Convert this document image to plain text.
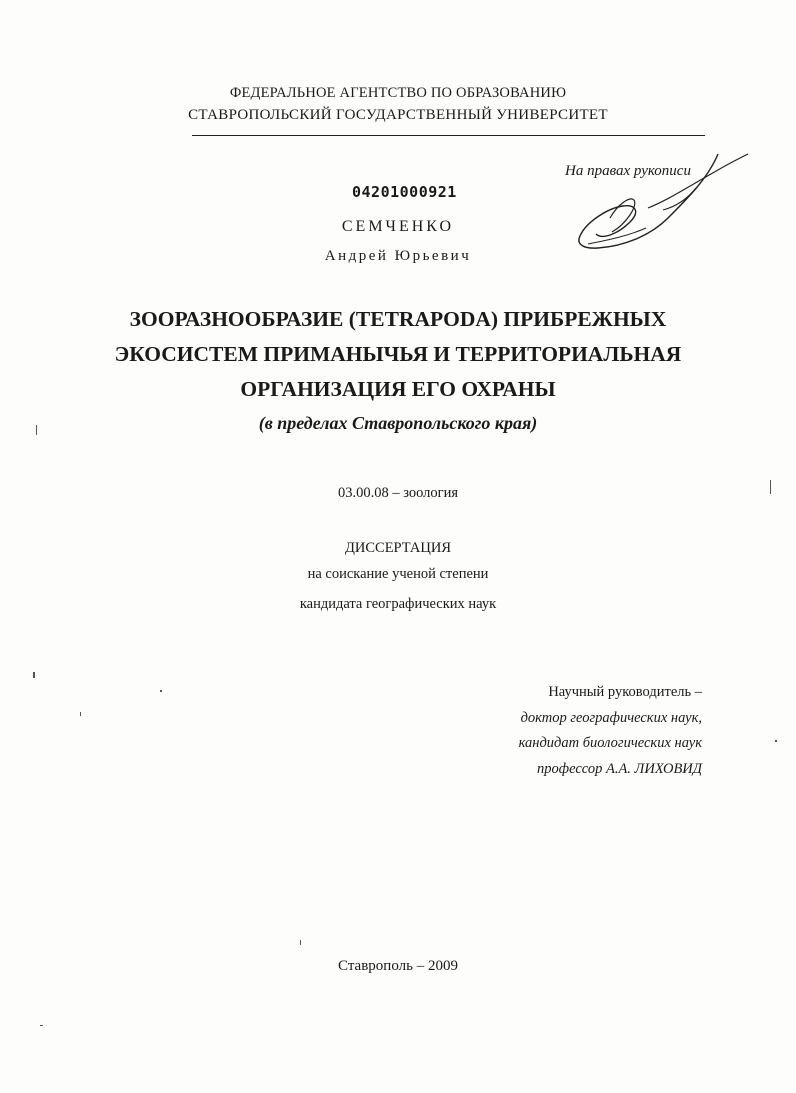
ФЕДЕРАЛЬНОЕ АГЕНТСТВО ПО ОБРАЗОВАНИЮ
СТАВРОПОЛЬСКИЙ ГОСУДАРСТВЕННЫЙ УНИВЕРСИТЕТ
На правах рукописи
04201000921
СЕМЧЕНКО
Андрей Юрьевич
ЗООРАЗНООБРАЗИЕ (TETRAPODA) ПРИБРЕЖНЫХ
ЭКОСИСТЕМ ПРИМАНЫЧЬЯ И ТЕРРИТОРИАЛЬНАЯ
ОРГАНИЗАЦИЯ ЕГО ОХРАНЫ
(в пределах Ставропольского края)
03.00.08 – зоология
ДИССЕРТАЦИЯ
на соискание ученой степени
кандидата географических наук
Научный руководитель –
доктор географических наук,
кандидат биологических наук
профессор А.А. ЛИХОВИД
Ставрополь – 2009
